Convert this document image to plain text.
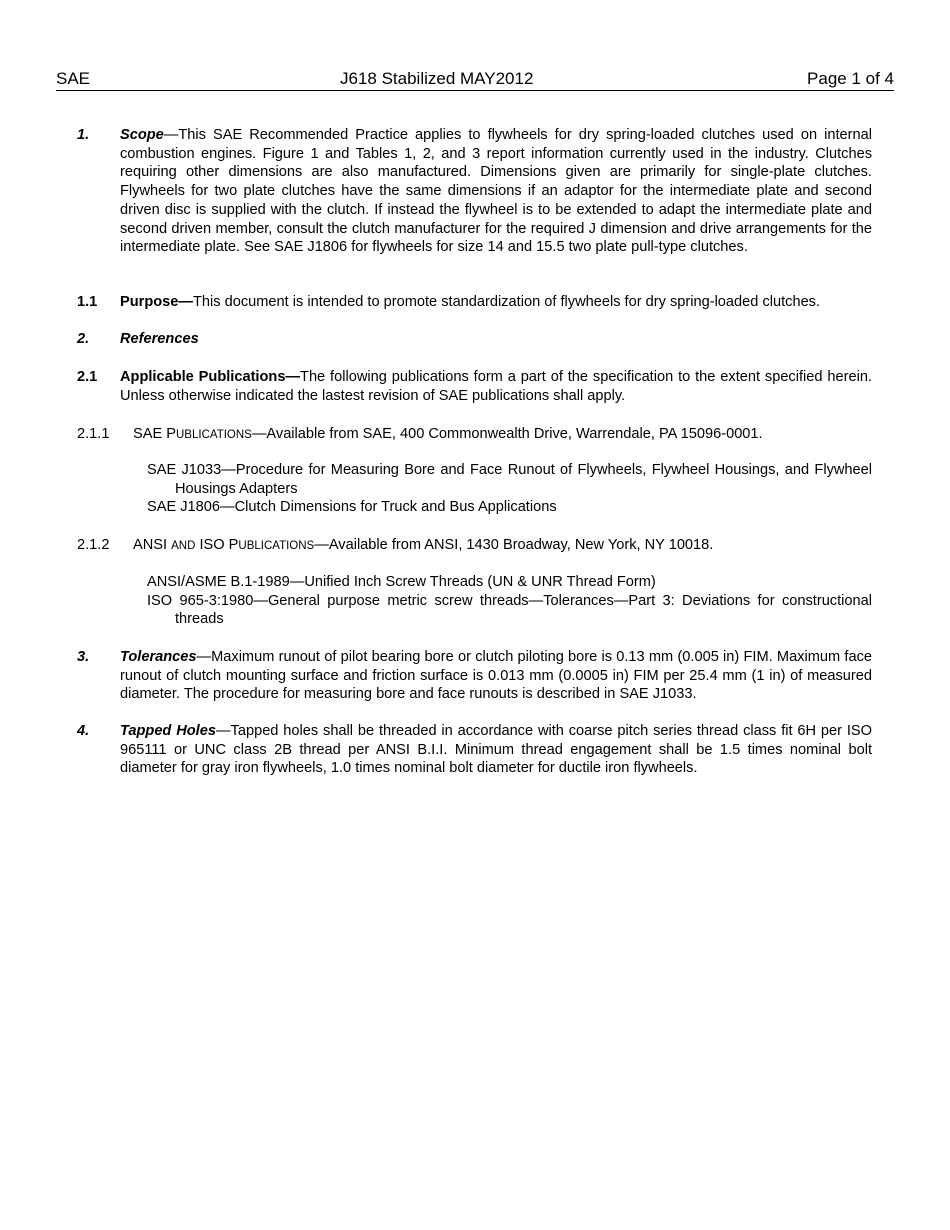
SAE	J618 Stabilized MAY2012	Page 1 of 4
1. Scope—This SAE Recommended Practice applies to flywheels for dry spring-loaded clutches used on internal combustion engines. Figure 1 and Tables 1, 2, and 3 report information currently used in the industry. Clutches requiring other dimensions are also manufactured. Dimensions given are primarily for single-plate clutches. Flywheels for two plate clutches have the same dimensions if an adaptor for the intermediate plate and second driven disc is supplied with the clutch. If instead the flywheel is to be extended to adapt the intermediate plate and second driven member, consult the clutch manufacturer for the required J dimension and drive arrangements for the intermediate plate. See SAE J1806 for flywheels for size 14 and 15.5 two plate pull-type clutches.
1.1 Purpose—This document is intended to promote standardization of flywheels for dry spring-loaded clutches.
2. References
2.1 Applicable Publications—The following publications form a part of the specification to the extent specified herein. Unless otherwise indicated the lastest revision of SAE publications shall apply.
2.1.1 SAE PUBLICATIONS—Available from SAE, 400 Commonwealth Drive, Warrendale, PA 15096-0001.
SAE J1033—Procedure for Measuring Bore and Face Runout of Flywheels, Flywheel Housings, and Flywheel Housings Adapters
SAE J1806—Clutch Dimensions for Truck and Bus Applications
2.1.2 ANSI AND ISO PUBLICATIONS—Available from ANSI, 1430 Broadway, New York, NY 10018.
ANSI/ASME B.1-1989—Unified Inch Screw Threads (UN & UNR Thread Form)
ISO 965-3:1980—General purpose metric screw threads—Tolerances—Part 3: Deviations for constructional threads
3. Tolerances—Maximum runout of pilot bearing bore or clutch piloting bore is 0.13 mm (0.005 in) FIM. Maximum face runout of clutch mounting surface and friction surface is 0.013 mm (0.0005 in) FIM per 25.4 mm (1 in) of measured diameter. The procedure for measuring bore and face runouts is described in SAE J1033.
4. Tapped Holes—Tapped holes shall be threaded in accordance with coarse pitch series thread class fit 6H per ISO 965111 or UNC class 2B thread per ANSI B.I.I. Minimum thread engagement shall be 1.5 times nominal bolt diameter for gray iron flywheels, 1.0 times nominal bolt diameter for ductile iron flywheels.
